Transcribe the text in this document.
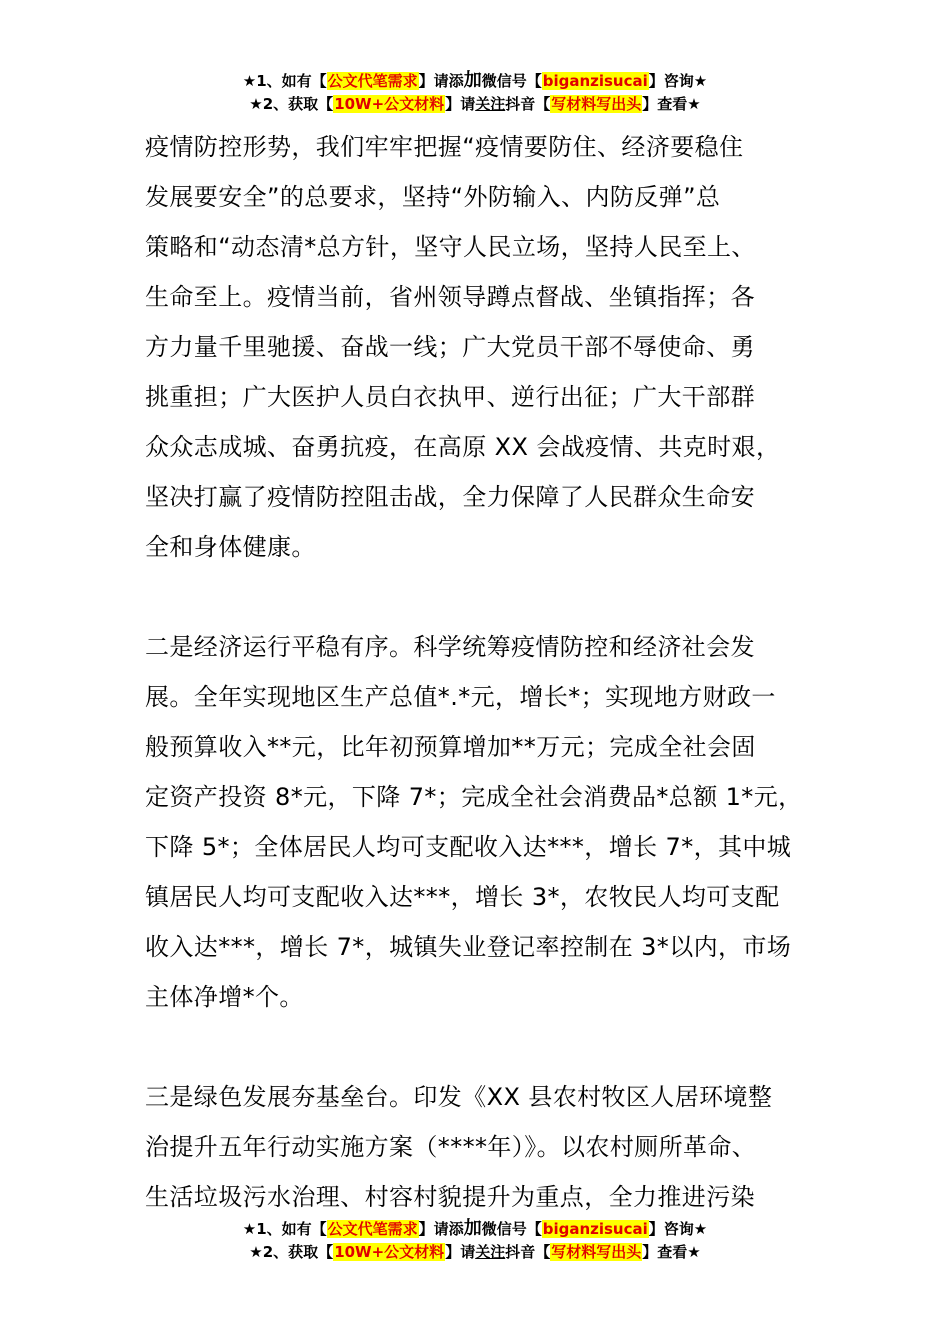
★1、如有【公文代笔需求】请添加微信号【biganzisucai】咨询★
★2、获取【10W+公文材料】请关注抖音【写材料写出头】查看★
疫情防控形势，我们牢牢把握“疫情要防住、经济要稳住
发展要安全”的总要求，坚持“外防输入、内防反弹”总
策略和“动态清*总方针，坚守人民立场，坚持人民至上、
生命至上。疫情当前，省州领导蹲点督战、坐镇指挥；各
方力量千里驰援、奋战一线；广大党员干部不辱使命、勇
挑重担；广大医护人员白衣执甲、逆行出征；广大干部群
众众志成城、奋勇抗疫，在高原 XX 会战疫情、共克时艰，
坚决打赢了疫情防控阻击战，全力保障了人民群众生命安
全和身体健康。
二是经济运行平稳有序。科学统筹疫情防控和经济社会发
展。全年实现地区生产总值*.*元，增长*；实现地方财政一
般预算收入**元，比年初预算增加**万元；完成全社会固
定资产投资 8*元，下降 7*；完成全社会消费品*总额 1*元，
下降 5*；全体居民人均可支配收入达***，增长 7*，其中城
镇居民人均可支配收入达***，增长 3*，农牧民人均可支配
收入达***，增长 7*，城镇失业登记率控制在 3*以内，市场
主体净增*个。
三是绿色发展夯基垒台。印发《XX 县农村牧区人居环境整
治提升五年行动实施方案（****年）》。以农村厕所革命、
生活垃圾污水治理、村容村貌提升为重点，全力推进污染
★1、如有【公文代笔需求】请添加微信号【biganzisucai】咨询★
★2、获取【10W+公文材料】请关注抖音【写材料写出头】查看★
